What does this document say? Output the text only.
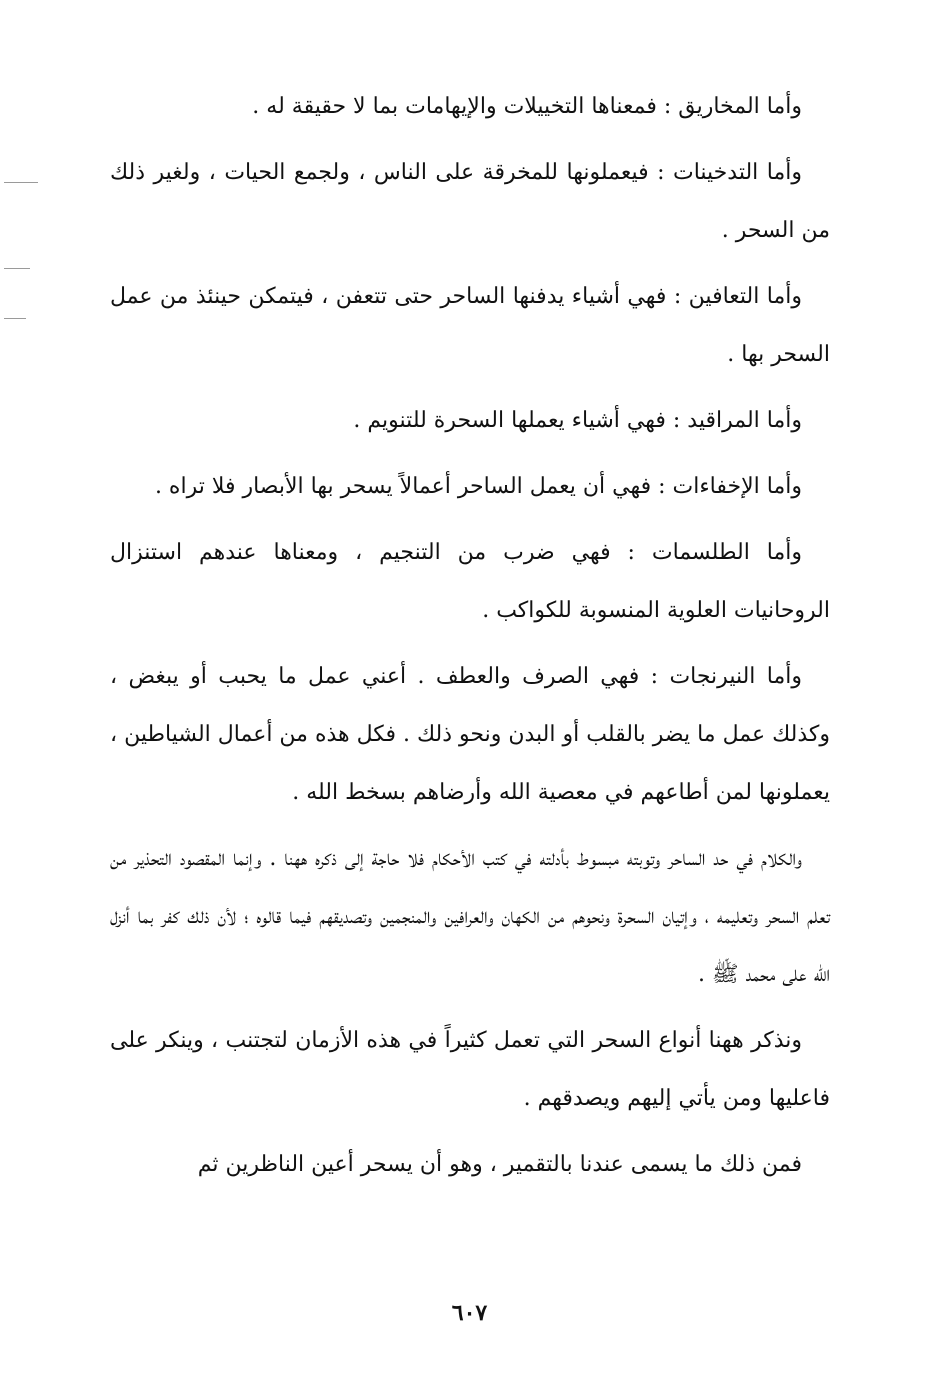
وأما المخاريق : فمعناها التخييلات والإيهامات بما لا حقيقة له .

وأما التدخينات : فيعملونها للمخرقة على الناس ، ولجمع الحيات ، ولغير ذلك من السحر .

وأما التعافين : فهي أشياء يدفنها الساحر حتى تتعفن ، فيتمكن حينئذ من عمل السحر بها .

وأما المراقيد : فهي أشياء يعملها السحرة للتنويم .

وأما الإخفاءات : فهي أن يعمل الساحر أعمالاً يسحر بها الأبصار فلا تراه .

وأما الطلسمات : فهي ضرب من التنجيم ، ومعناها عندهم استنزال الروحانيات العلوية المنسوبة للكواكب .

وأما النيرنجات : فهي الصرف والعطف . أعني عمل ما يحبب أو يبغض ، وكذلك عمل ما يضر بالقلب أو البدن ونحو ذلك . فكل هذه من أعمال الشياطين ، يعملونها لمن أطاعهم في معصية الله وأرضاهم بسخط الله .

والكلام في حد الساحر وتوبته مبسوط بأدلته في كتب الأحكام فلا حاجة إلى ذكره ههنا . وإنما المقصود التحذير من تعلم السحر وتعليمه ، وإتيان السحرة ونحوهم من الكهان والعرافين والمنجمين وتصديقهم فيما قالوه ؛ لأن ذلك كفر بما أنزل الله على محمد ﷺ .

ونذكر ههنا أنواع السحر التي تعمل كثيراً في هذه الأزمان لتجتنب ، وينكر على فاعليها ومن يأتي إليهم ويصدقهم .

فمن ذلك ما يسمى عندنا بالتقمير ، وهو أن يسحر أعين الناظرين ثم

٦٠٧
